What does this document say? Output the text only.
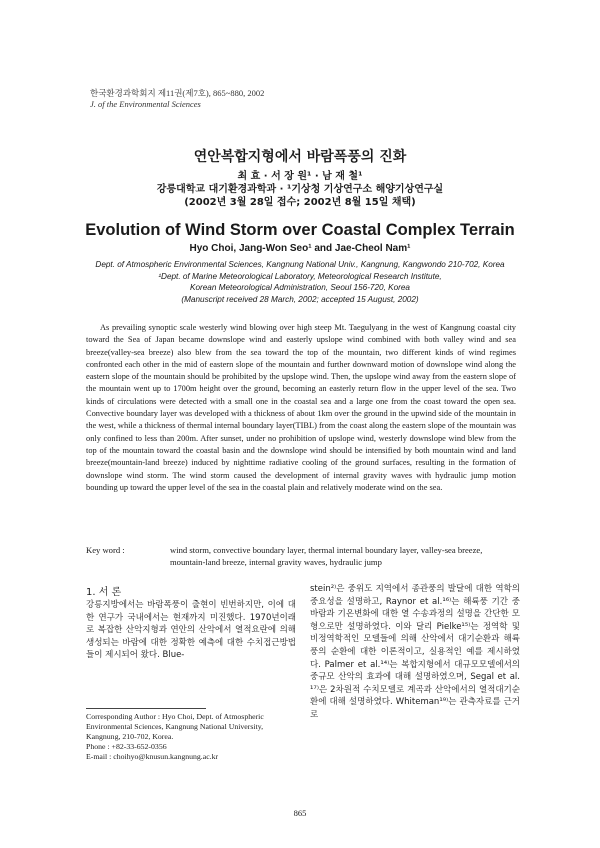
한국환경과학회지 제11권(제7호), 865~880, 2002
J. of the Environmental Sciences
연안복합지형에서 바람폭풍의 진화
최 효 · 서 장 원¹ · 남 재 철¹
강릉대학교 대기환경과학과 · ¹기상청 기상연구소 해양기상연구실
(2002년 3월 28일 접수; 2002년 8월 15일 채택)
Evolution of Wind Storm over Coastal Complex Terrain
Hyo Choi, Jang-Won Seo¹ and Jae-Cheol Nam¹
Dept. of Atmospheric Environmental Sciences, Kangnung National Univ., Kangnung, Kangwondo 210-702, Korea
¹Dept. of Marine Meteorological Laboratory, Meteorological Research Institute,
Korean Meteorological Administration, Seoul 156-720, Korea
(Manuscript received 28 March, 2002; accepted 15 August, 2002)
As prevailing synoptic scale westerly wind blowing over high steep Mt. Taegulyang in the west of Kangnung coastal city toward the Sea of Japan became downslope wind and easterly upslope wind combined with both valley wind and sea breeze(valley-sea breeze) also blew from the sea toward the top of the mountain, two different kinds of wind regimes confronted each other in the mid of eastern slope of the mountain and further downward motion of downslope wind along the eastern slope of the mountain should be prohibited by the upslope wind. Then, the upslope wind away from the eastern slope of the mountain went up to 1700m height over the ground, becoming an easterly return flow in the upper level of the sea. Two kinds of circulations were detected with a small one in the coastal sea and a large one from the coast toward the open sea. Convective boundary layer was developed with a thickness of about 1km over the ground in the upwind side of the mountain in the west, while a thickness of thermal internal boundary layer(TIBL) from the coast along the eastern slope of the mountain was only confined to less than 200m. After sunset, under no prohibition of upslope wind, westerly downslope wind blew from the top of the mountain toward the coastal basin and the downslope wind should be intensified by both mountain wind and land breeze(mountain-land breeze) induced by nighttime radiative cooling of the ground surfaces, resulting in the formation of downslope wind storm. The wind storm caused the development of internal gravity waves with hydraulic jump motion bounding up toward the upper level of the sea in the coastal plain and relatively moderate wind on the sea.
Key word :	wind storm, convective boundary layer, thermal internal boundary layer, valley-sea breeze, mountain-land breeze, internal gravity waves, hydraulic jump
1. 서 론
강릉지방에서는 바람폭풍이 출현이 빈번하지만, 이에 대한 연구가 국내에서는 현재까지 미진했다. 1970년이래로 복잡한 산악지형과 연안의 산악에서 열적요란에 의해 생성되는 바람에 대한 정확한 예측에 대한 수치접근방법들이 제시되어 왔다. Blue-
stein²⁾은 중위도 지역에서 종관풍의 발달에 대한 역학의 중요성을 설명하고, Raynor et al.¹⁶⁾는 해륙풍 기간 중 바람과 기온변화에 대한 열 수송과정의 설명을 간단한 모형으로만 설명하였다. 이와 달리 Pielke¹⁵⁾는 정역학 및 비정역학적인 모델들에 의해 산악에서 대기순환과 해륙풍의 순환에 대한 이론적이고, 실용적인 예를 제시하였다. Palmer et al.¹⁴⁾는 복합지형에서 대규모모델에서의 중규모 산악의 효과에 대해 설명하였으며, Segal et al. ¹⁷⁾은 2차원적 수치모델로 계곡과 산악에서의 열적대기순환에 대해 설명하였다. Whiteman¹⁹⁾는 관측자료를 근거로
Corresponding Author : Hyo Choi, Dept. of Atmospheric
Environmental Sciences, Kangnung National University,
Kangnung, 210-702, Korea.
Phone : +82-33-652-0356
E-mail : choihyo@knusun.kangnung.ac.kr
865
